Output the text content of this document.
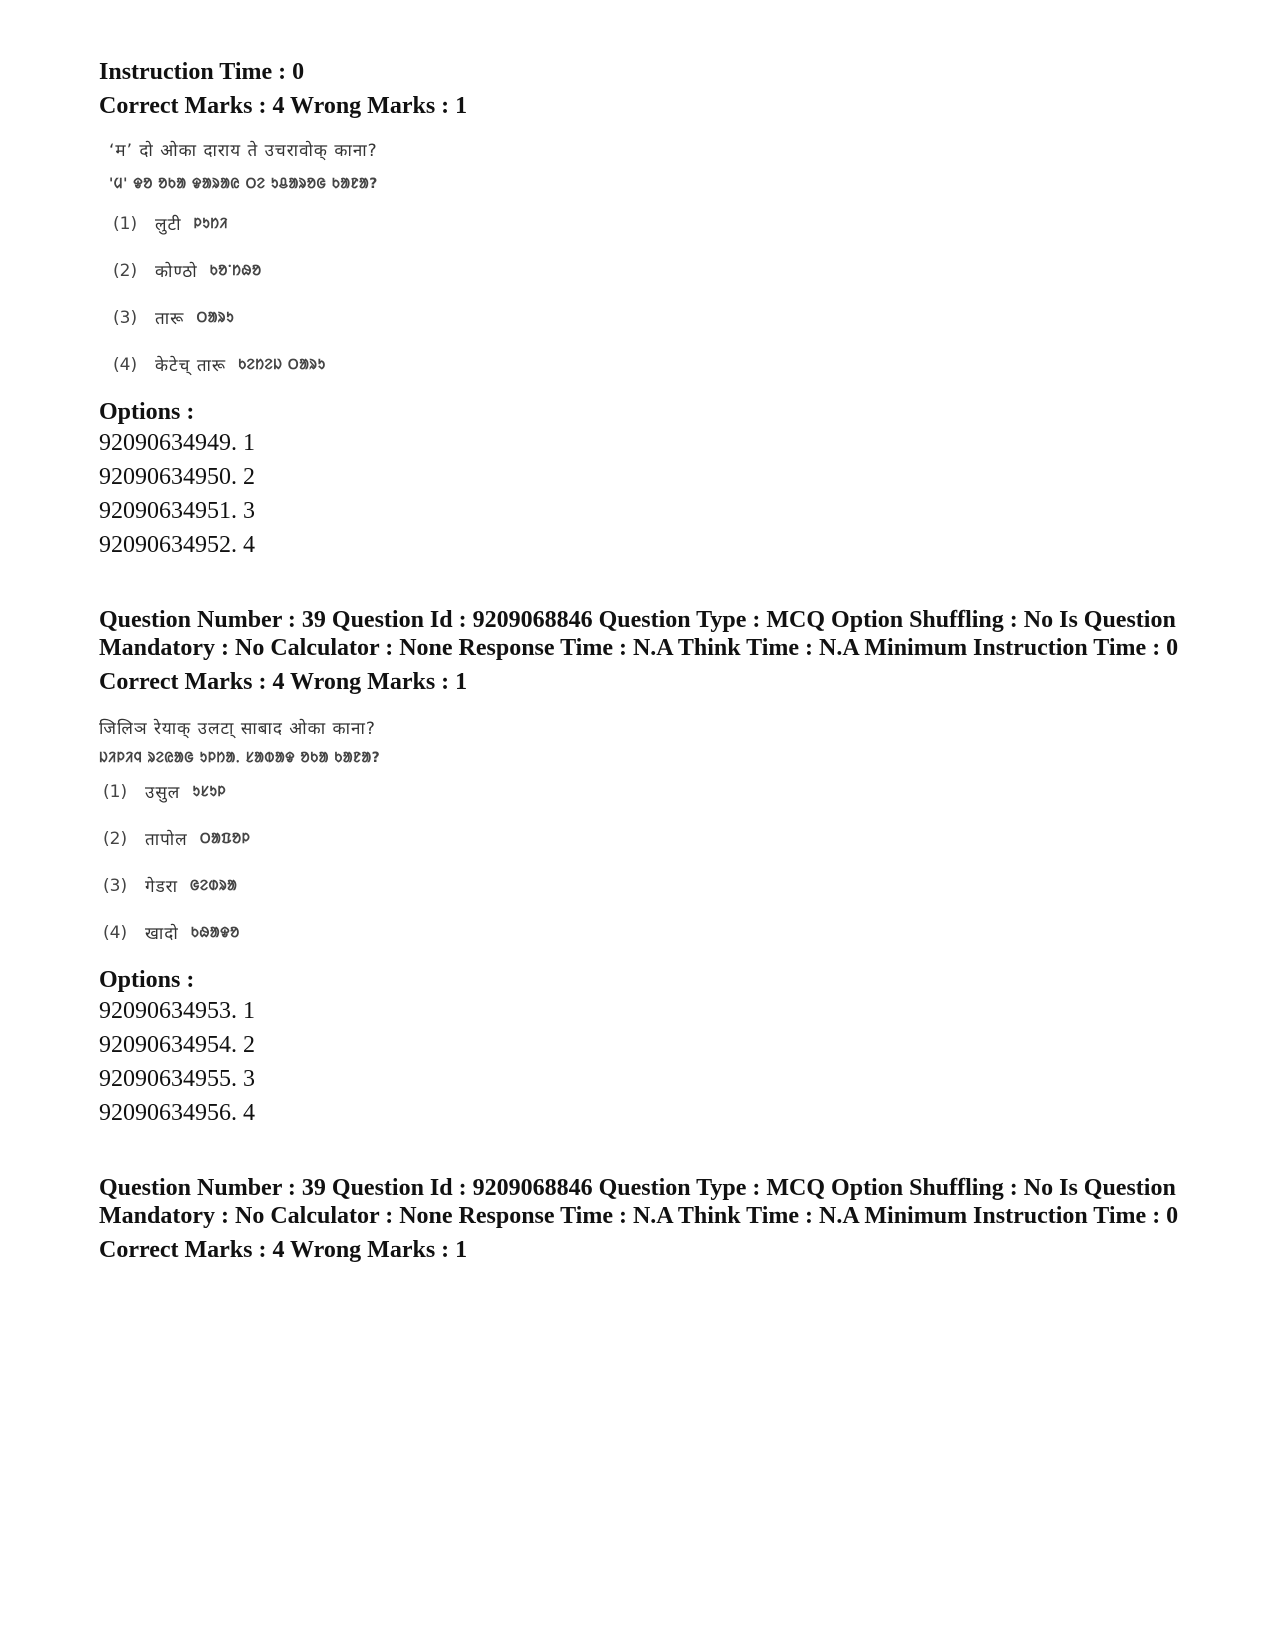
Instruction Time : 0
Correct Marks : 4 Wrong Marks : 1
‘म’ दो ओका दाराय ते उचरावोक् काना?
'ᱢ' ᱫᱚ ᱚᱠᱟ ᱫᱟᱨᱟᱭ ᱛᱮ ᱩᱪᱟᱨᱚᱜ ᱠᱟᱱᱟ?
(1)	लुटी ᱞᱩᱴᱤ
(2)	कोण्ठो ᱠᱚᱸᱴᱷᱚ
(3)	तारू ᱛᱟᱨᱩ
(4)	केटेच् तारू ᱠᱮᱴᱮᱡ ᱛᱟᱨᱩ
Options :
92090634949. 1
92090634950. 2
92090634951. 3
92090634952. 4
Question Number : 39 Question Id : 9209068846 Question Type : MCQ Option Shuffling : No Is Question Mandatory : No Calculator : None Response Time : N.A Think Time : N.A Minimum Instruction Time : 0
Correct Marks : 4 Wrong Marks : 1
जिलिञ रेयाक् उलटा् साबाद ओका काना?
ᱡᱤᱞᱤᱧ ᱨᱮᱭᱟᱜ ᱩᱞᱴᱟᱹ ᱥᱟᱵᱟᱫ ᱚᱠᱟ ᱠᱟᱱᱟ?
(1)	उसुल ᱩᱥᱩᱞ
(2)	तापोल ᱛᱟᱯᱚᱞ
(3)	गेडरा ᱜᱮᱰᱨᱟ
(4)	खादो ᱠᱷᱟᱫᱚ
Options :
92090634953. 1
92090634954. 2
92090634955. 3
92090634956. 4
Question Number : 39 Question Id : 9209068846 Question Type : MCQ Option Shuffling : No Is Question Mandatory : No Calculator : None Response Time : N.A Think Time : N.A Minimum Instruction Time : 0
Correct Marks : 4 Wrong Marks : 1
